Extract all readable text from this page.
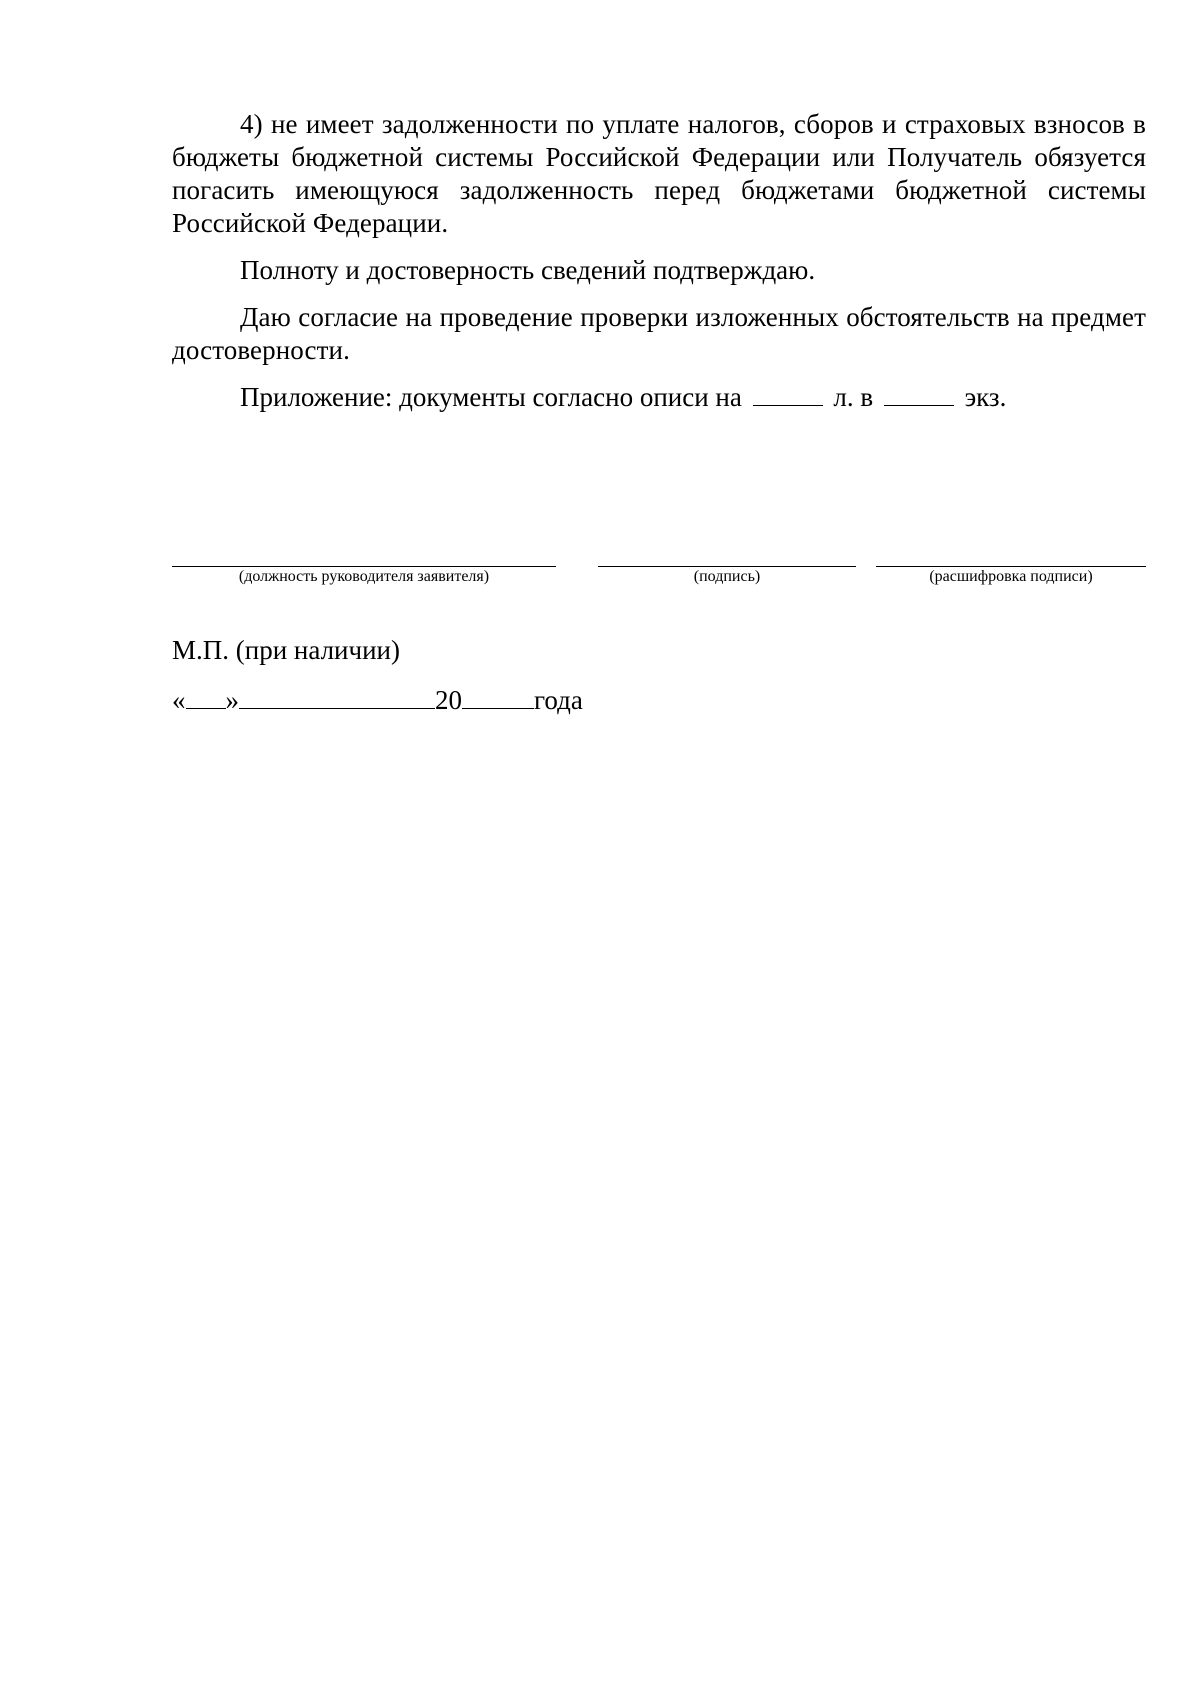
4) не имеет задолженности по уплате налогов, сборов и страховых взносов в бюджеты бюджетной системы Российской Федерации или Получатель обязуется погасить имеющуюся задолженность перед бюджетами бюджетной системы Российской Федерации.

Полноту и достоверность сведений подтверждаю.

Даю согласие на проведение проверки изложенных обстоятельств на предмет достоверности.

Приложение: документы согласно описи на	л. в	экз.

(должность руководителя заявителя)	(подпись)	(расшифровка подписи)
М.П. (при наличии)
« »	20	года
